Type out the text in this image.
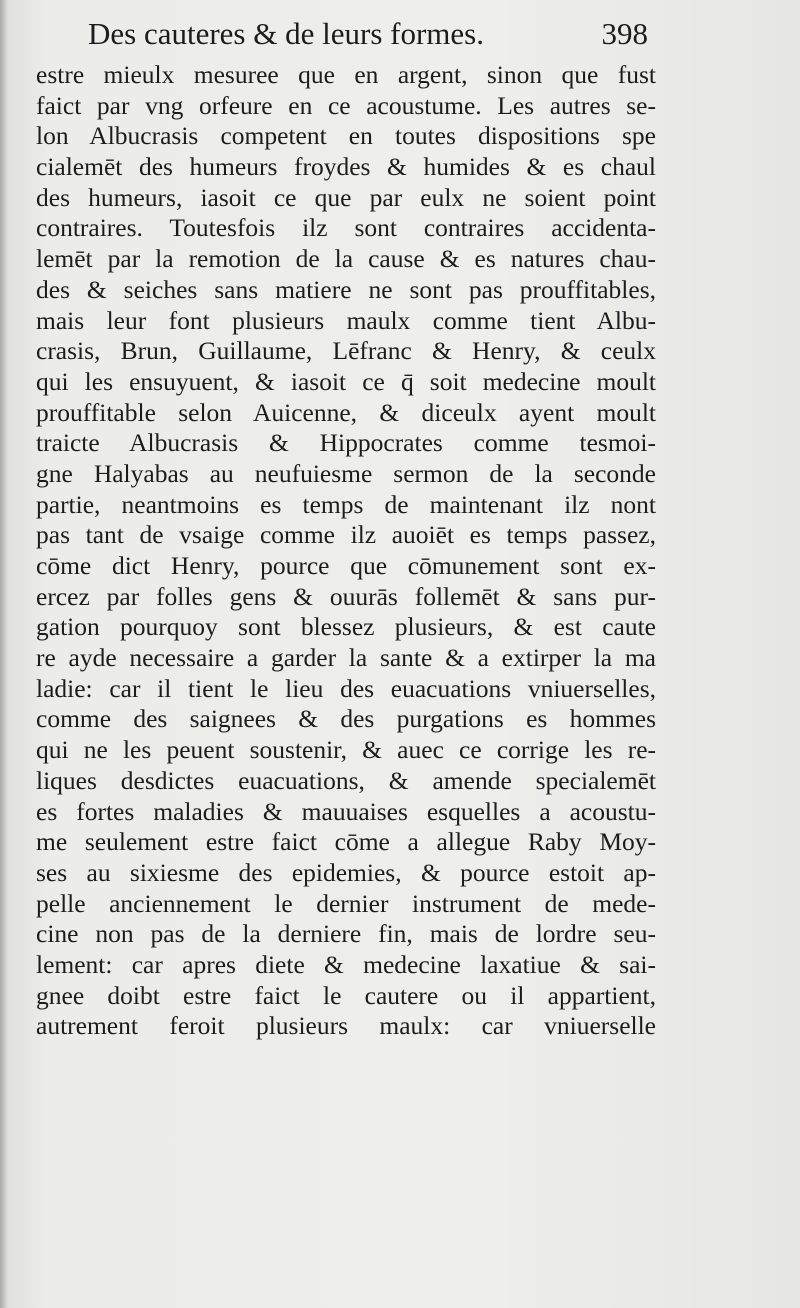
Des cauteres & de leurs formes.	398
estre mieulx mesuree que en argent, sinon que fust
faict par vng orfeure en ce acoustume. Les autres se-
lon Albucrasis competent en toutes dispositions spe
cialemēt des humeurs froydes & humides & es chaul
des humeurs, iasoit ce que par eulx ne soient point
contraires. Toutesfois ilz sont contraires accidenta-
lemēt par la remotion de la cause & es natures chau-
des & seiches sans matiere ne sont pas prouffitables,
mais leur font plusieurs maulx comme tient Albu-
crasis, Brun, Guillaume, Lēfranc & Henry, & ceulx
qui les ensuyuent, & iasoit ce q̄ soit medecine moult
prouffitable selon Auicenne, & diceulx ayent moult
traicte Albucrasis & Hippocrates comme tesmoi-
gne Halyabas au neufuiesme sermon de la seconde
partie, neantmoins es temps de maintenant ilz nont
pas tant de vsaige comme ilz auoiēt es temps passez,
cōme dict Henry, pource que cōmunement sont ex-
ercez par folles gens & ouurās follemēt & sans pur-
gation pourquoy sont blessez plusieurs, & est caute
re ayde necessaire a garder la sante & a extirper la ma
ladie: car il tient le lieu des euacuations vniuerselles,
comme des saignees & des purgations es hommes
qui ne les peuent soustenir, & auec ce corrige les re-
liques desdictes euacuations, & amende specialemēt
es fortes maladies & mauuaises esquelles a acoustu-
me seulement estre faict cōme a allegue Raby Moy-
ses au sixiesme des epidemies, & pource estoit ap-
pelle anciennement le dernier instrument de mede-
cine non pas de la derniere fin, mais de lordre seu-
lement: car apres diete & medecine laxatiue & sai-
gnee doibt estre faict le cautere ou il appartient,
autrement feroit plusieurs maulx: car vniuerselle
